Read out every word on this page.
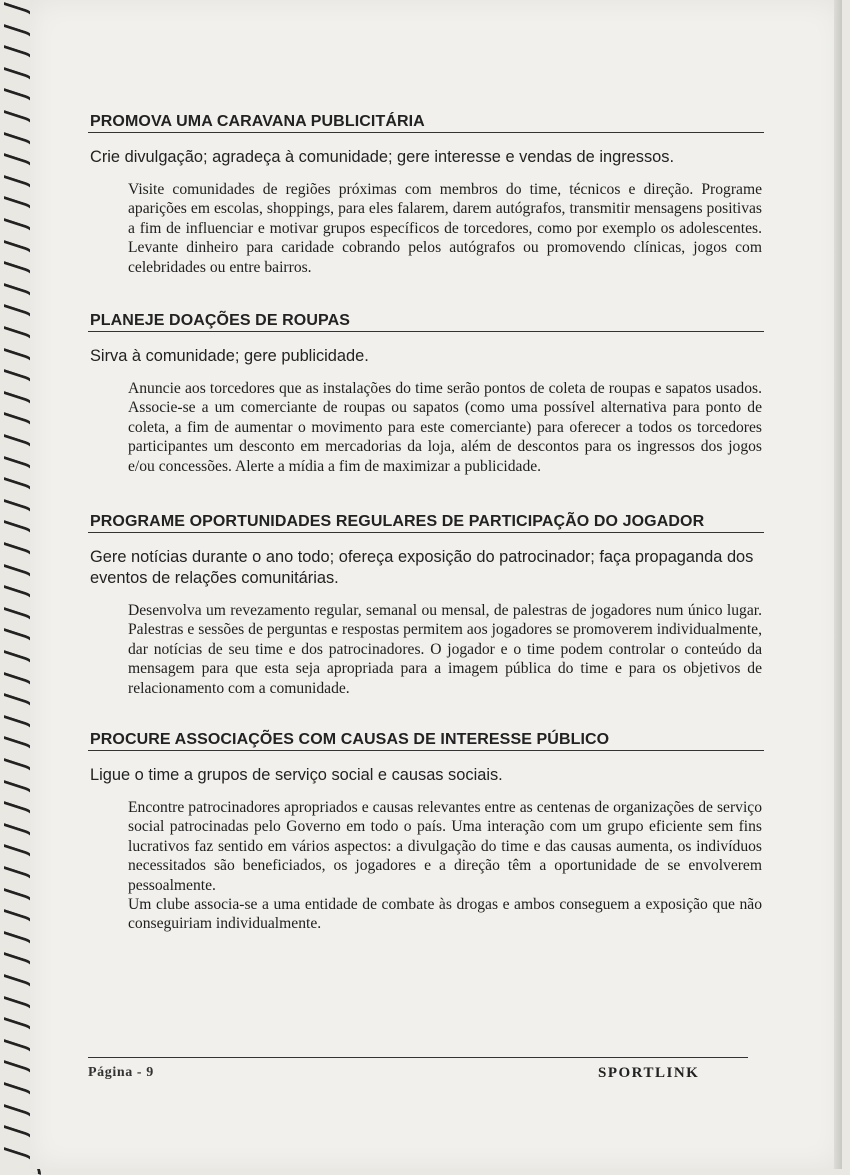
PROMOVA UMA CARAVANA PUBLICITÁRIA
Crie divulgação; agradeça à comunidade; gere interesse e vendas de ingressos.

Visite comunidades de regiões próximas com membros do time, técnicos e direção. Programe aparições em escolas, shoppings, para eles falarem, darem autógrafos, transmitir mensagens positivas a fim de influenciar e motivar grupos específicos de torcedores, como por exemplo os adolescentes. Levante dinheiro para caridade cobrando pelos autógrafos ou promovendo clínicas, jogos com celebridades ou entre bairros.

PLANEJE DOAÇÕES DE ROUPAS
Sirva à comunidade; gere publicidade.

Anuncie aos torcedores que as instalações do time serão pontos de coleta de roupas e sapatos usados. Associe-se a um comerciante de roupas ou sapatos (como uma possível alternativa para ponto de coleta, a fim de aumentar o movimento para este comerciante) para oferecer a todos os torcedores participantes um desconto em mercadorias da loja, além de descontos para os ingressos dos jogos e/ou concessões. Alerte a mídia a fim de maximizar a publicidade.

PROGRAME OPORTUNIDADES REGULARES DE PARTICIPAÇÃO DO JOGADOR
Gere notícias durante o ano todo; ofereça exposição do patrocinador; faça propaganda dos eventos de relações comunitárias.

Desenvolva um revezamento regular, semanal ou mensal, de palestras de jogadores num único lugar. Palestras e sessões de perguntas e respostas permitem aos jogadores se promoverem individualmente, dar notícias de seu time e dos patrocinadores. O jogador e o time podem controlar o conteúdo da mensagem para que esta seja apropriada para a imagem pública do time e para os objetivos de relacionamento com a comunidade.

PROCURE ASSOCIAÇÕES COM CAUSAS DE INTERESSE PÚBLICO
Ligue o time a grupos de serviço social e causas sociais.

Encontre patrocinadores apropriados e causas relevantes entre as centenas de organizações de serviço social patrocinadas pelo Governo em todo o país. Uma interação com um grupo eficiente sem fins lucrativos faz sentido em vários aspectos: a divulgação do time e das causas aumenta, os indivíduos necessitados são beneficiados, os jogadores e a direção têm a oportunidade de se envolverem pessoalmente.

Um clube associa-se a uma entidade de combate às drogas e ambos conseguem a exposição que não conseguiriam individualmente.

Página - 9	SPORTLINK
